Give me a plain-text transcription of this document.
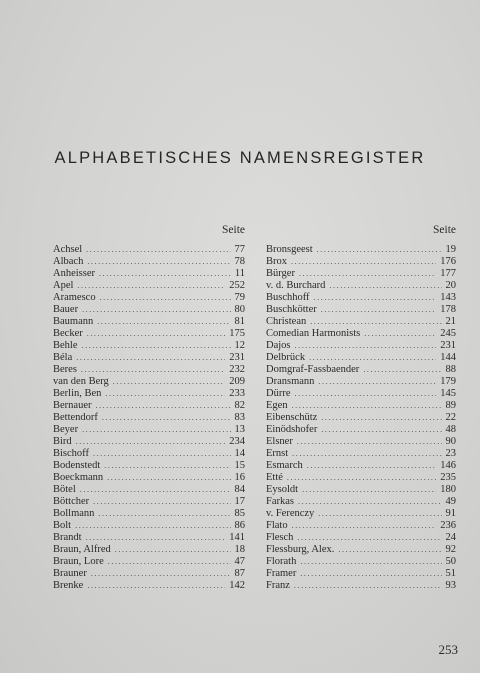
ALPHABETISCHES NAMENSREGISTER
Seite
Achsel .....	77
Albach .....	78
Anheisser .....	11
Apel .....	252
Aramesco .....	79
Bauer .....	80
Baumann .....	81
Becker .....	175
Behle .....	12
Béla .....	231
Beres .....	232
van den Berg .....	209
Berlin, Ben .....	233
Bernauer .....	82
Bettendorf .....	83
Beyer .....	13
Bird .....	234
Bischoff .....	14
Bodenstedt .....	15
Boeckmann .....	16
Bötel .....	84
Böttcher .....	17
Bollmann .....	85
Bolt .....	86
Brandt .....	141
Braun, Alfred .....	18
Braun, Lore .....	47
Brauner .....	87
Brenke .....	142
Seite
Bronsgeest .....	19
Brox .....	176
Bürger .....	177
v. d. Burchard .....	20
Buschhoff .....	143
Buschkötter .....	178
Christean .....	21
Comedian Harmonists .....	245
Dajos .....	231
Delbrück .....	144
Domgraf-Fassbaender .....	88
Dransmann .....	179
Dürre .....	145
Egen .....	89
Eibenschütz .....	22
Einödshofer .....	48
Elsner .....	90
Ernst .....	23
Esmarch .....	146
Etté .....	235
Eysoldt .....	180
Farkas .....	49
v. Ferenczy .....	91
Flato .....	236
Flesch .....	24
Flessburg, Alex. .....	92
Florath .....	50
Framer .....	51
Franz .....	93
253
